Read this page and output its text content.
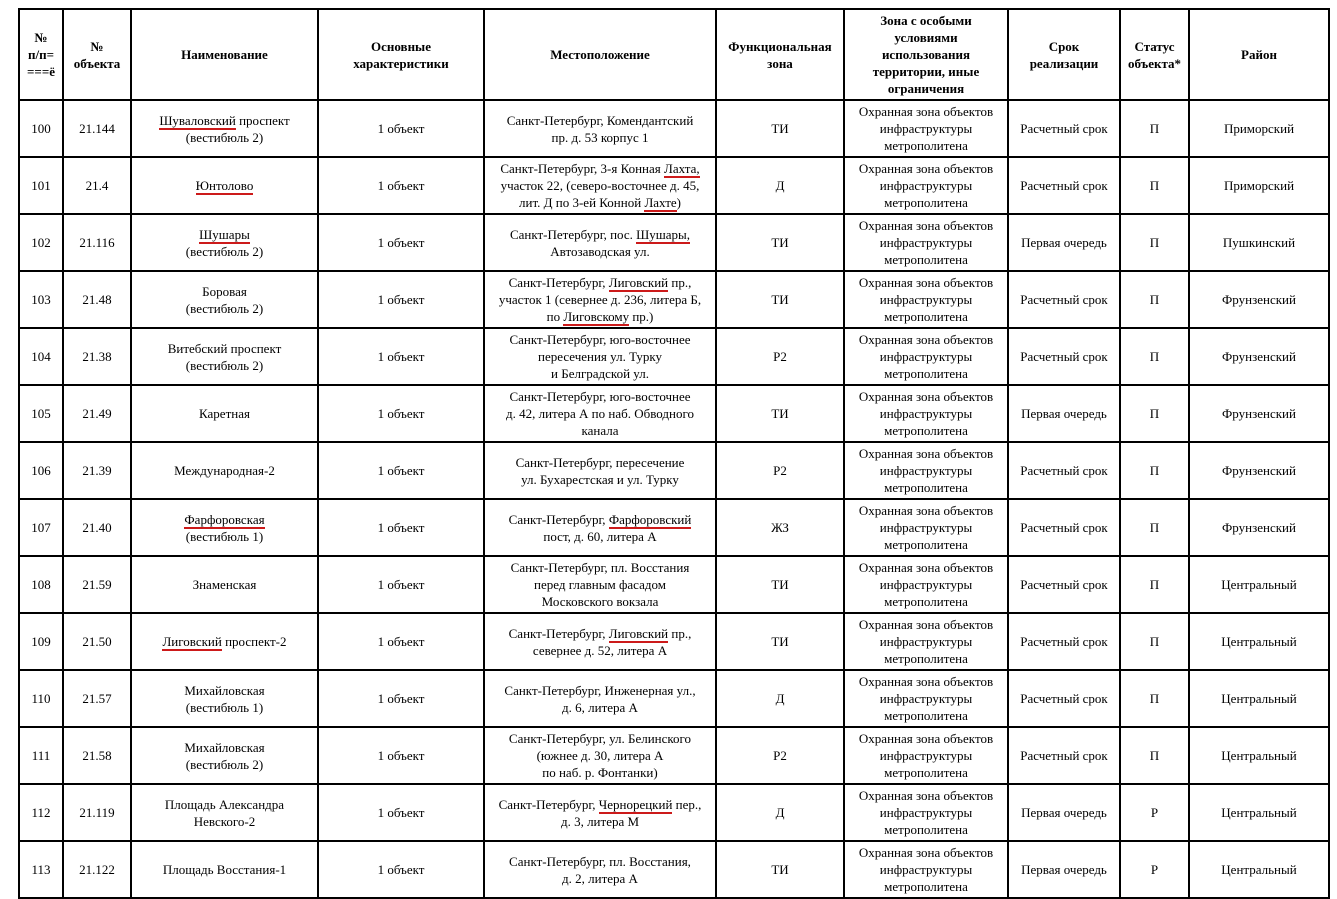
№
п/п=
===ё	№
объекта	Наименование	Основные
характеристики	Местоположение	Функциональная
зона	Зона с особыми
условиями
использования
территории, иные
ограничения	Срок
реализации	Статус
объекта*	Район
100	21.144	Шуваловский проспект
(вестибюль 2)	1 объект	Санкт-Петербург, Комендантский
пр. д. 53 корпус 1	ТИ	Охранная зона объектов
инфраструктуры
метрополитена	Расчетный срок	П	Приморский
101	21.4	Юнтолово	1 объект	Санкт-Петербург, 3-я Конная Лахта,
участок 22, (северо-восточнее д. 45,
лит. Д по 3-ей Конной Лахте)	Д	Охранная зона объектов
инфраструктуры
метрополитена	Расчетный срок	П	Приморский
102	21.116	Шушары
(вестибюль 2)	1 объект	Санкт-Петербург, пос. Шушары,
Автозаводская ул.	ТИ	Охранная зона объектов
инфраструктуры
метрополитена	Первая очередь	П	Пушкинский
103	21.48	Боровая
(вестибюль 2)	1 объект	Санкт-Петербург, Лиговский пр.,
участок 1 (севернее д. 236, литера Б,
по Лиговскому пр.)	ТИ	Охранная зона объектов
инфраструктуры
метрополитена	Расчетный срок	П	Фрунзенский
104	21.38	Витебский проспект
(вестибюль 2)	1 объект	Санкт-Петербург, юго-восточнее
пересечения ул. Турку
и Белградской ул.	Р2	Охранная зона объектов
инфраструктуры
метрополитена	Расчетный срок	П	Фрунзенский
105	21.49	Каретная	1 объект	Санкт-Петербург, юго-восточнее
д. 42, литера А по наб. Обводного
канала	ТИ	Охранная зона объектов
инфраструктуры
метрополитена	Первая очередь	П	Фрунзенский
106	21.39	Международная-2	1 объект	Санкт-Петербург, пересечение
ул. Бухарестская и ул. Турку	Р2	Охранная зона объектов
инфраструктуры
метрополитена	Расчетный срок	П	Фрунзенский
107	21.40	Фарфоровская
(вестибюль 1)	1 объект	Санкт-Петербург, Фарфоровский
пост, д. 60, литера А	ЖЗ	Охранная зона объектов
инфраструктуры
метрополитена	Расчетный срок	П	Фрунзенский
108	21.59	Знаменская	1 объект	Санкт-Петербург, пл. Восстания
перед главным фасадом
Московского вокзала	ТИ	Охранная зона объектов
инфраструктуры
метрополитена	Расчетный срок	П	Центральный
109	21.50	Лиговский проспект-2	1 объект	Санкт-Петербург, Лиговский пр.,
севернее д. 52, литера А	ТИ	Охранная зона объектов
инфраструктуры
метрополитена	Расчетный срок	П	Центральный
110	21.57	Михайловская
(вестибюль 1)	1 объект	Санкт-Петербург, Инженерная ул.,
д. 6, литера А	Д	Охранная зона объектов
инфраструктуры
метрополитена	Расчетный срок	П	Центральный
111	21.58	Михайловская
(вестибюль 2)	1 объект	Санкт-Петербург, ул. Белинского
(южнее д. 30, литера А
по наб. р. Фонтанки)	Р2	Охранная зона объектов
инфраструктуры
метрополитена	Расчетный срок	П	Центральный
112	21.119	Площадь Александра
Невского-2	1 объект	Санкт-Петербург, Чернорецкий пер.,
д. 3, литера М	Д	Охранная зона объектов
инфраструктуры
метрополитена	Первая очередь	Р	Центральный
113	21.122	Площадь Восстания-1	1 объект	Санкт-Петербург, пл. Восстания,
д. 2, литера А	ТИ	Охранная зона объектов
инфраструктуры
метрополитена	Первая очередь	Р	Центральный
